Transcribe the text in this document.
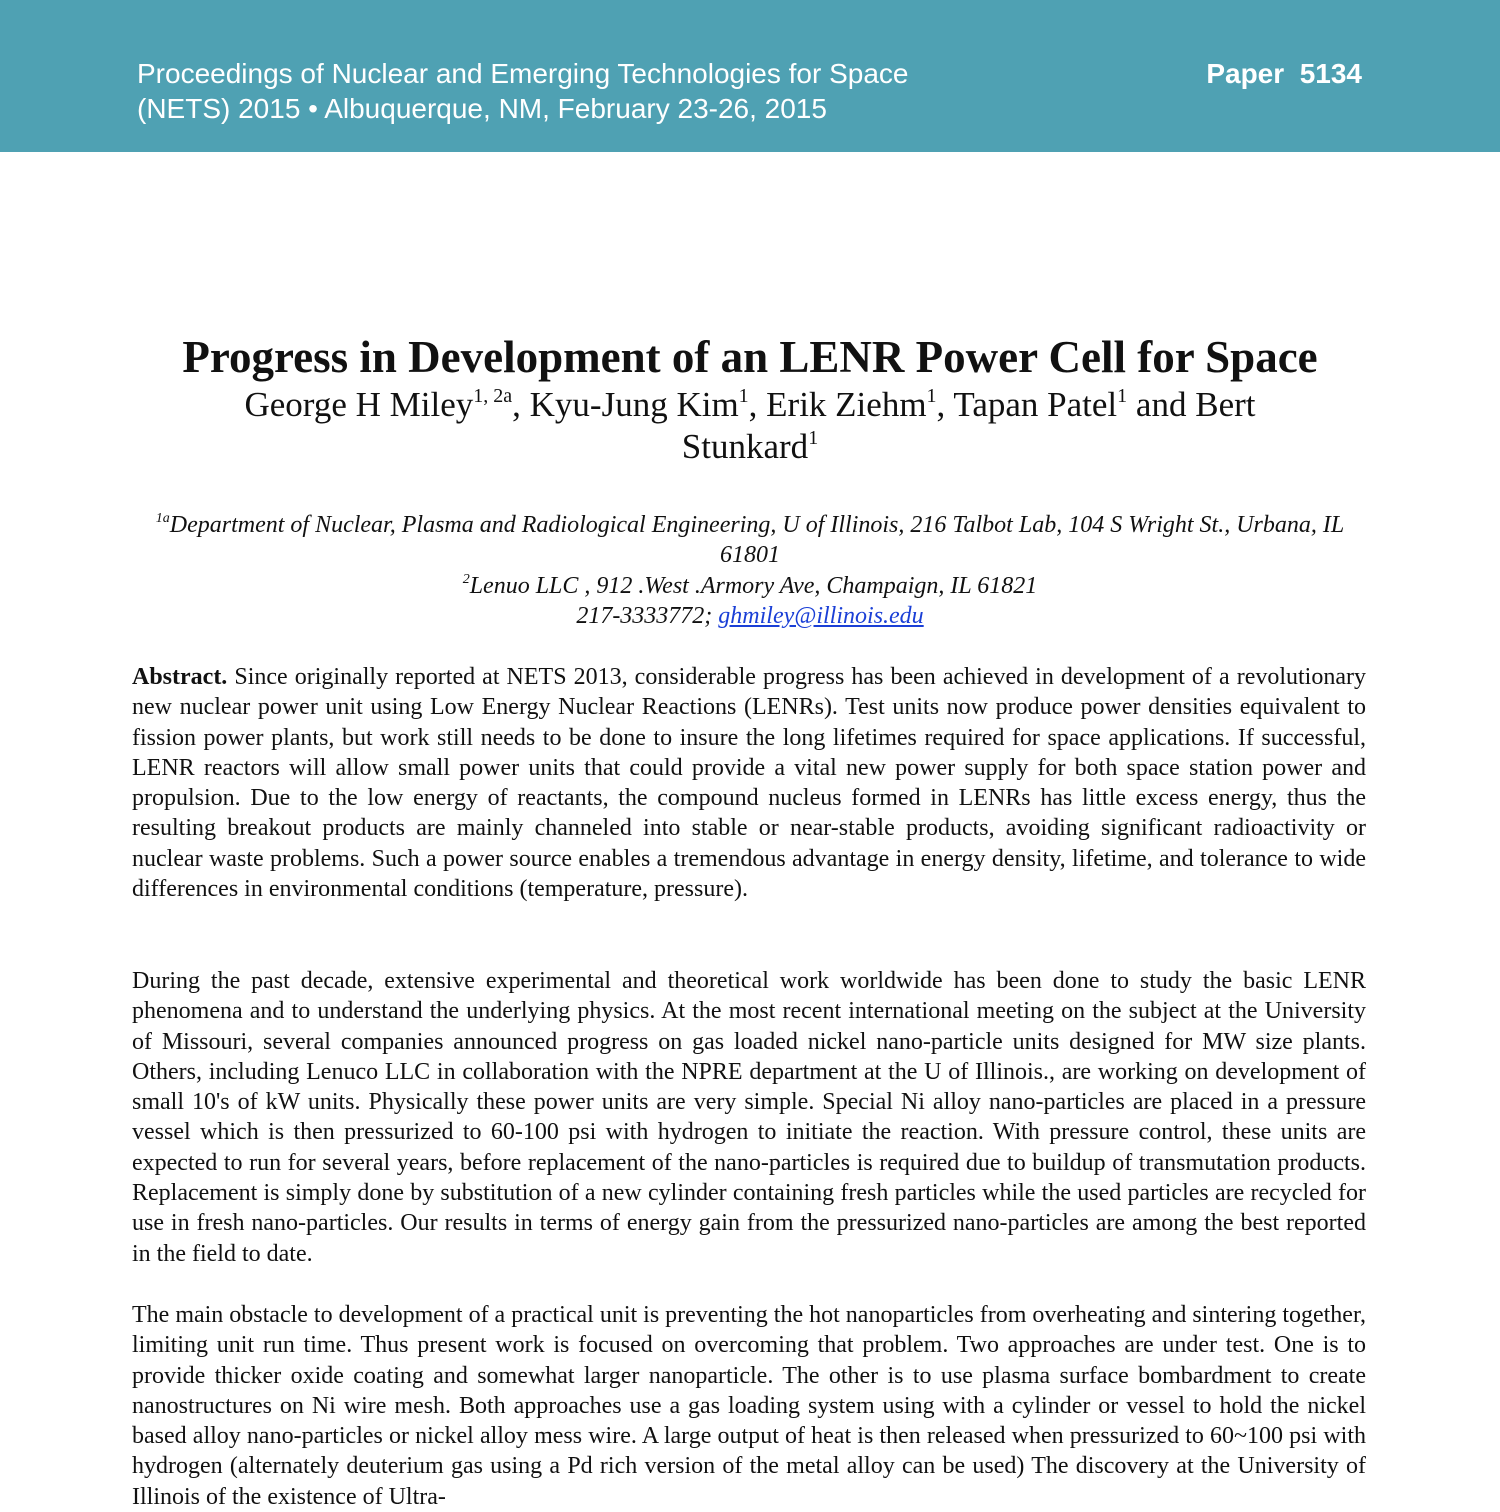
Proceedings of Nuclear and Emerging Technologies for Space
(NETS) 2015 • Albuquerque, NM, February 23-26, 2015
Paper  5134
Progress in Development of an LENR Power Cell for Space
George H Miley$^{1, 2a}$, Kyu-Jung Kim$^1$, Erik Ziehm$^1$, Tapan Patel$^1$ and Bert Stunkard$^1$
$^{1a}$Department of Nuclear, Plasma and Radiological Engineering, U of Illinois, 216 Talbot Lab, 104 S Wright St., Urbana, IL 61801
$^2$Lenuo LLC , 912 .West .Armory Ave, Champaign, IL 61821
217-3333772; ghmiley@illinois.edu

Abstract. Since originally reported at NETS 2013, considerable progress has been achieved in development of a revolutionary new nuclear power unit using Low Energy Nuclear Reactions (LENRs). Test units now produce power densities equivalent to fission power plants, but work still needs to be done to insure the long lifetimes required for space applications. If successful, LENR reactors will allow small power units that could provide a vital new power supply for both space station power and propulsion. Due to the low energy of reactants, the compound nucleus formed in LENRs has little excess energy, thus the resulting breakout products are mainly channeled into stable or near-stable products, avoiding significant radioactivity or nuclear waste problems. Such a power source enables a tremendous advantage in energy density, lifetime, and tolerance to wide differences in environmental conditions (temperature, pressure).

During the past decade, extensive experimental and theoretical work worldwide has been done to study the basic LENR phenomena and to understand the underlying physics. At the most recent international meeting on the subject at the University of Missouri, several companies announced progress on gas loaded nickel nano-particle units designed for MW size plants. Others, including Lenuco LLC in collaboration with the NPRE department at the U of Illinois., are working on development of small 10's of kW units. Physically these power units are very simple. Special Ni alloy nano-particles are placed in a pressure vessel which is then pressurized to 60-100 psi with hydrogen to initiate the reaction. With pressure control, these units are expected to run for several years, before replacement of the nano-particles is required due to buildup of transmutation products. Replacement is simply done by substitution of a new cylinder containing fresh particles while the used particles are recycled for use in fresh nano-particles. Our results in terms of energy gain from the pressurized nano-particles are among the best reported in the field to date.

The main obstacle to development of a practical unit is preventing the hot nanoparticles from overheating and sintering together, limiting unit run time. Thus present work is focused on overcoming that problem. Two approaches are under test. One is to provide thicker oxide coating and somewhat larger nanoparticle. The other is to use plasma surface bombardment to create nanostructures on Ni wire mesh. Both approaches use a gas loading system using with a cylinder or vessel to hold the nickel based alloy nano-particles or nickel alloy mess wire. A large output of heat is then released when pressurized to 60~100 psi with hydrogen (alternately deuterium gas using a Pd rich version of the metal alloy can be used) The discovery at the University of Illinois of the existence of Ultra-
